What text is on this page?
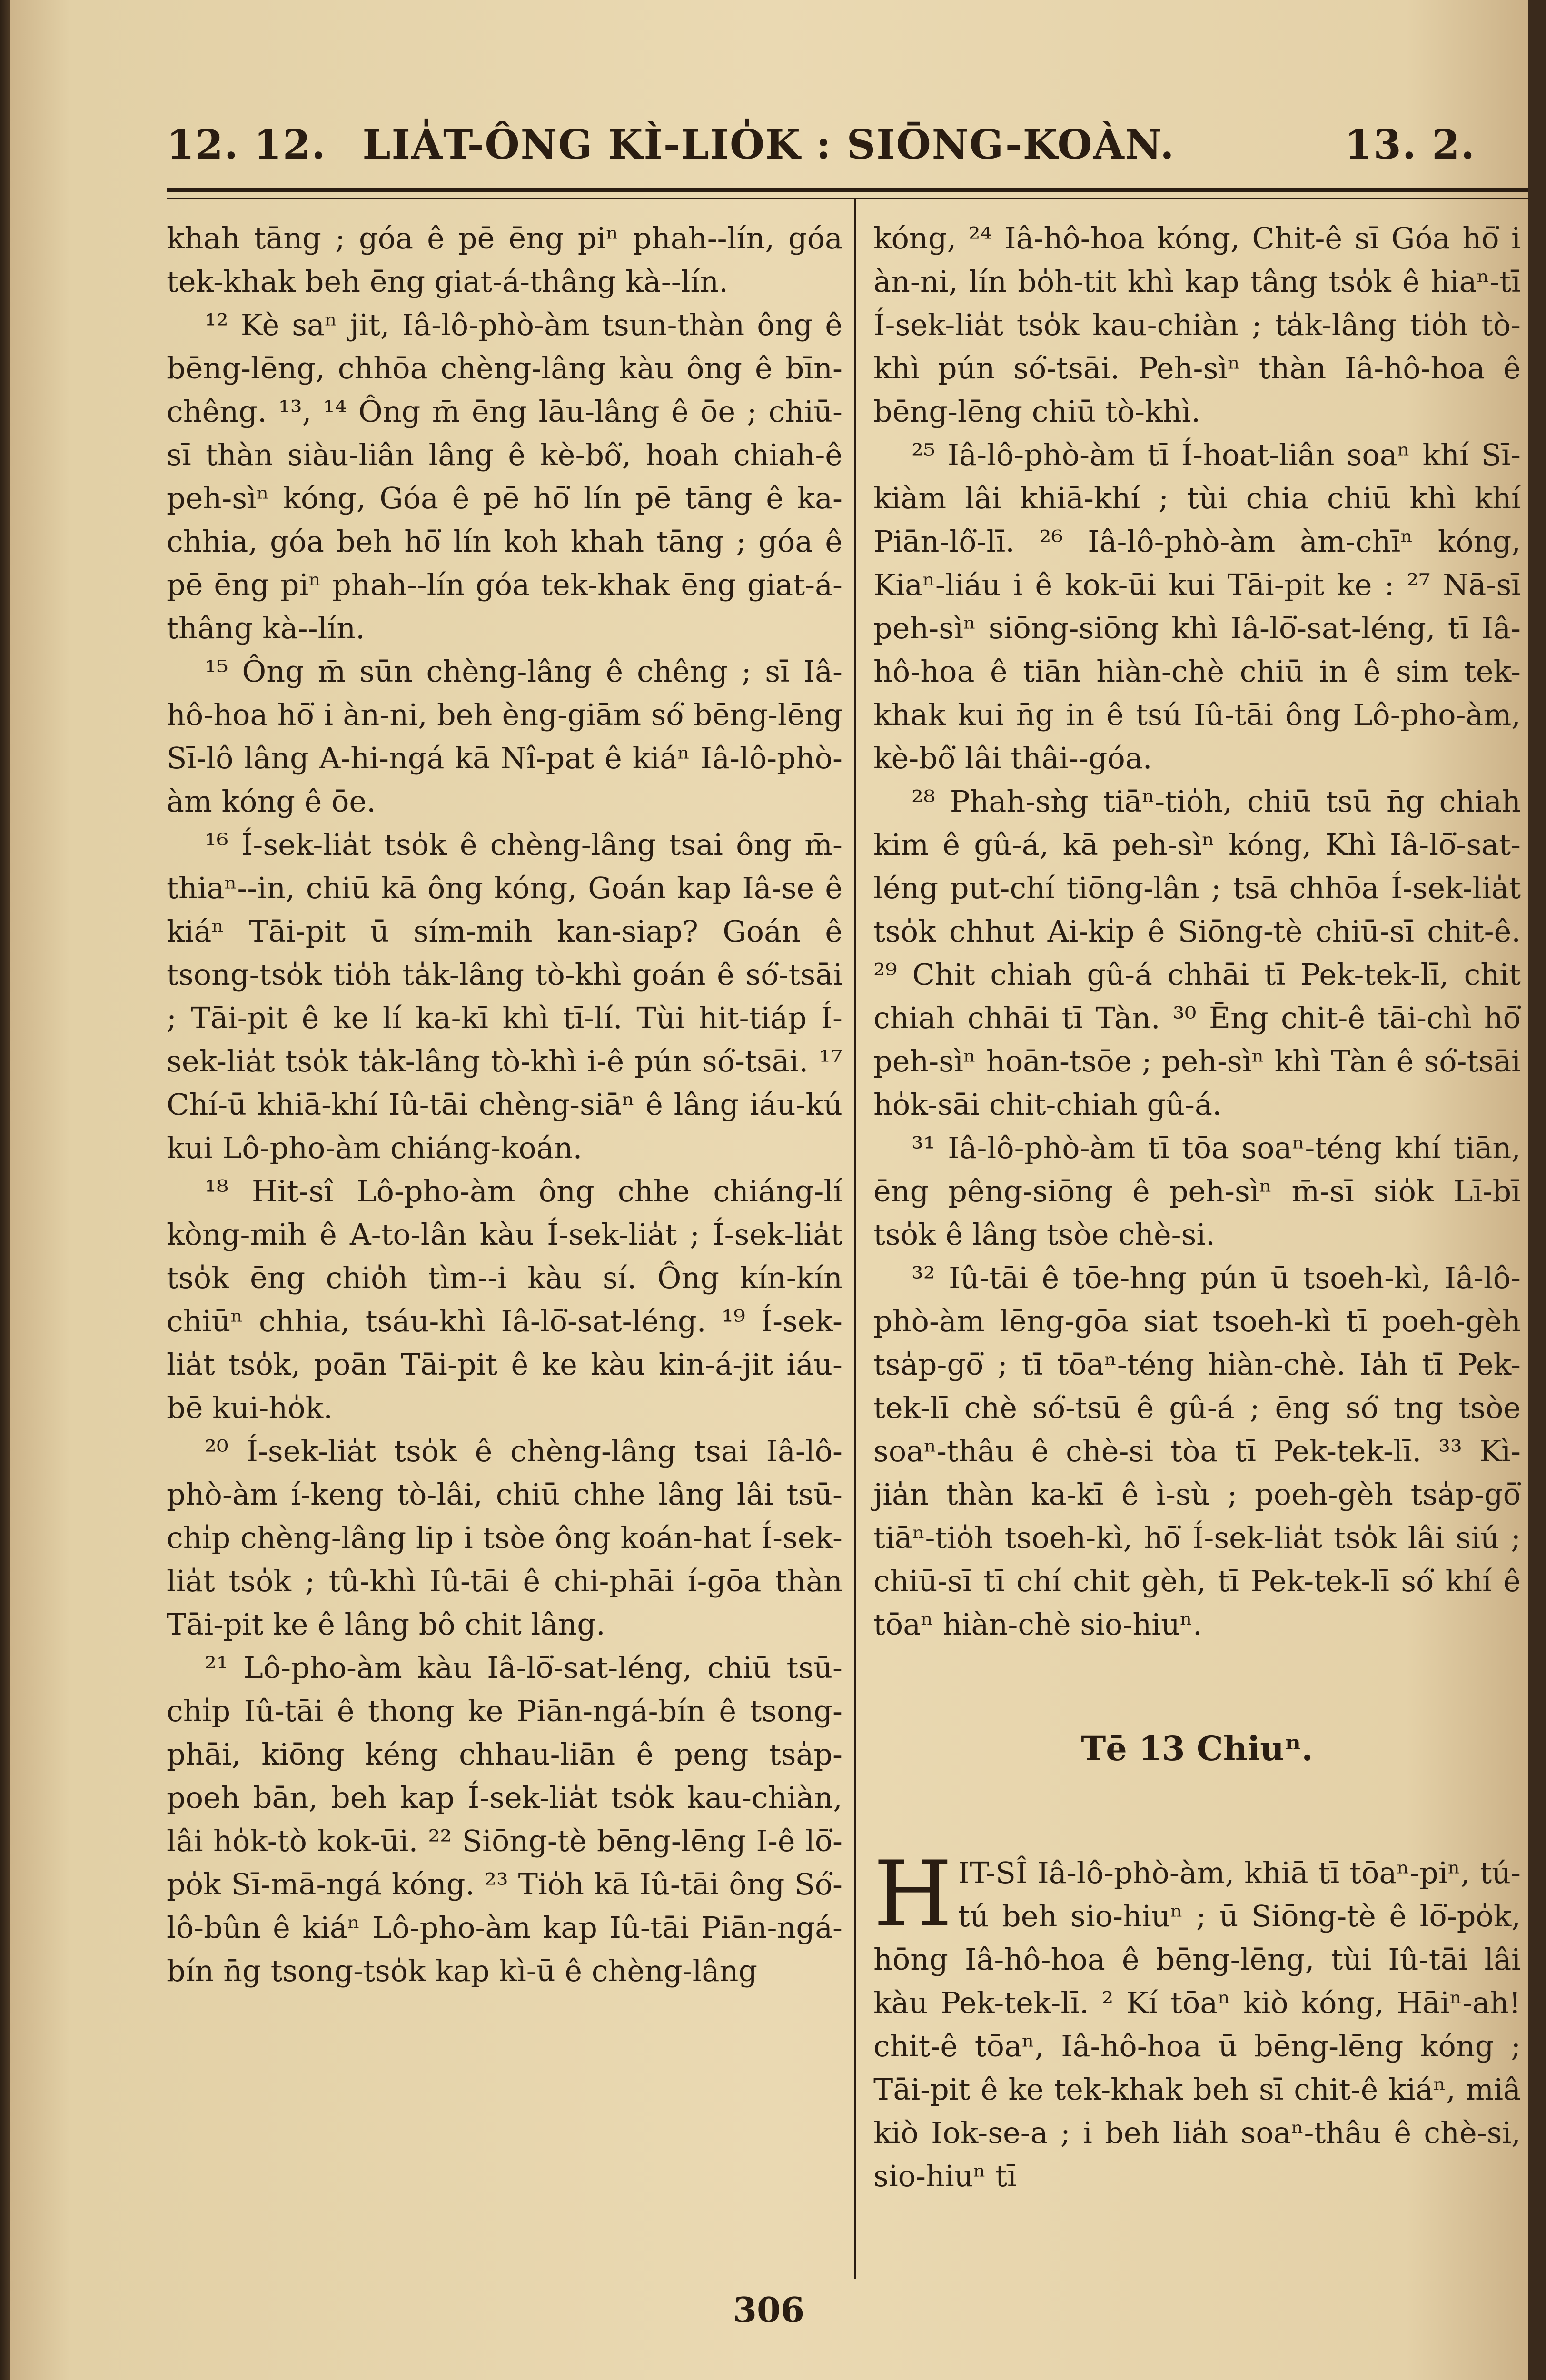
12. 12. LIA̍T-ÔNG KÌ-LIO̍K : SIŌNG-KOÀN.	13. 2.

khah tāng ; góa ê pē ēng piⁿ phah--lín, góa tek-khak beh ēng giat-á-thâng kà--lín.

¹² Kè saⁿ jit, Iâ-lô-phò-àm tsun-thàn ông ê bēng-lēng, chhōa chèng-lâng kàu ông ê bīn-chêng. ¹³, ¹⁴ Ông m̄ ēng lāu-lâng ê ōe ; chiū-sī thàn siàu-liân lâng ê kè-bô͘, hoah chiah-ê peh-sìⁿ kóng, Góa ê pē hō͘ lín pē tāng ê ka-chhia, góa beh hō͘ lín koh khah tāng ; góa ê pē ēng piⁿ phah--lín góa tek-khak ēng giat-á-thâng kà--lín.

¹⁵ Ông m̄ sūn chèng-lâng ê chêng ; sī Iâ-hô-hoa hō͘ i àn-ni, beh èng-giām só͘ bēng-lēng Sī-lô lâng A-hi-ngá kā Nî-pat ê kiáⁿ Iâ-lô-phò-àm kóng ê ōe.

¹⁶ Í-sek-lia̍t tso̍k ê chèng-lâng tsai ông m̄-thiaⁿ--in, chiū kā ông kóng, Goán kap Iâ-se ê kiáⁿ Tāi-pit ū sím-mih kan-siap? Goán ê tsong-tso̍k tio̍h ta̍k-lâng tò-khì goán ê só͘-tsāi ; Tāi-pit ê ke lí ka-kī khì tī-lí. Tùi hit-tiáp Í-sek-lia̍t tso̍k ta̍k-lâng tò-khì i-ê pún só͘-tsāi. ¹⁷ Chí-ū khiā-khí Iû-tāi chèng-siāⁿ ê lâng iáu-kú kui Lô-pho-àm chiáng-koán.

¹⁸ Hit-sî Lô-pho-àm ông chhe chiáng-lí kòng-mih ê A-to-lân kàu Í-sek-lia̍t ; Í-sek-lia̍t tso̍k ēng chio̍h tìm--i kàu sí. Ông kín-kín chiūⁿ chhia, tsáu-khì Iâ-lō͘-sat-léng. ¹⁹ Í-sek-lia̍t tso̍k, poān Tāi-pit ê ke kàu kin-á-jit iáu-bē kui-ho̍k.

²⁰ Í-sek-lia̍t tso̍k ê chèng-lâng tsai Iâ-lô-phò-àm í-keng tò-lâi, chiū chhe lâng lâi tsū-chi̍p chèng-lâng lip i tsòe ông koán-hat Í-sek-lia̍t tso̍k ; tû-khì Iû-tāi ê chi-phāi í-gōa thàn Tāi-pit ke ê lâng bô chit lâng.

²¹ Lô-pho-àm kàu Iâ-lō͘-sat-léng, chiū tsū-chi̍p Iû-tāi ê thong ke Piān-ngá-bín ê tsong-phāi, kiōng kéng chhau-liān ê peng tsa̍p-poeh bān, beh kap Í-sek-lia̍t tso̍k kau-chiàn, lâi ho̍k-tò kok-ūi. ²² Siōng-tè bēng-lēng I-ê lō͘-po̍k Sī-mā-ngá kóng. ²³ Tio̍h kā Iû-tāi ông Só͘-lô-bûn ê kiáⁿ Lô-pho-àm kap Iû-tāi Piān-ngá-bín n̄g tsong-tso̍k kap kì-ū ê chèng-lâng

kóng, ²⁴ Iâ-hô-hoa kóng, Chit-ê sī Góa hō͘ i àn-ni, lín bo̍h-tit khì kap tâng tso̍k ê hiaⁿ-tī Í-sek-lia̍t tso̍k kau-chiàn ; ta̍k-lâng tio̍h tò-khì pún só͘-tsāi. Peh-sìⁿ thàn Iâ-hô-hoa ê bēng-lēng chiū tò-khì.

²⁵ Iâ-lô-phò-àm tī Í-hoat-liân soaⁿ khí Sī-kiàm lâi khiā-khí ; tùi chia chiū khì khí Piān-lô͘-lī. ²⁶ Iâ-lô-phò-àm àm-chīⁿ kóng, Kiaⁿ-liáu i ê kok-ūi kui Tāi-pit ke : ²⁷ Nā-sī peh-sìⁿ siōng-siōng khì Iâ-lō͘-sat-léng, tī Iâ-hô-hoa ê tiān hiàn-chè chiū in ê sim tek-khak kui n̄g in ê tsú Iû-tāi ông Lô-pho-àm, kè-bô͘ lâi thâi--góa.

²⁸ Phah-sǹg tiāⁿ-tio̍h, chiū tsū n̄g chiah kim ê gû-á, kā peh-sìⁿ kóng, Khì Iâ-lō͘-sat-léng put-chí tiōng-lân ; tsā chhōa Í-sek-lia̍t tso̍k chhut Ai-ki̍p ê Siōng-tè chiū-sī chit-ê. ²⁹ Chit chiah gû-á chhāi tī Pek-tek-lī, chit chiah chhāi tī Tàn. ³⁰ Ēng chit-ê tāi-chì hō͘ peh-sìⁿ hoān-tsōe ; peh-sìⁿ khì Tàn ê só͘-tsāi ho̍k-sāi chit-chiah gû-á.

³¹ Iâ-lô-phò-àm tī tōa soaⁿ-téng khí tiān, ēng pêng-siōng ê peh-sìⁿ m̄-sī sio̍k Lī-bī tso̍k ê lâng tsòe chè-si.

³² Iû-tāi ê tōe-hng pún ū tsoeh-kì, Iâ-lô-phò-àm lēng-gōa siat tsoeh-kì tī poeh-gèh tsa̍p-gō͘ ; tī tōaⁿ-téng hiàn-chè. Ia̍h tī Pek-tek-lī chè só͘-tsū ê gû-á ; ēng só͘ tng tsòe soaⁿ-thâu ê chè-si tòa tī Pek-tek-lī. ³³ Kì-jia̍n thàn ka-kī ê ì-sù ; poeh-gèh tsa̍p-gō͘ tiāⁿ-tio̍h tsoeh-kì, hō͘ Í-sek-lia̍t tso̍k lâi siú ; chiū-sī tī chí chit gèh, tī Pek-tek-lī só͘ khí ê tōaⁿ hiàn-chè sio-hiuⁿ.

Tē 13 Chiuⁿ.

HIT-SÎ Iâ-lô-phò-àm, khiā tī tōaⁿ-piⁿ, tú-tú beh sio-hiuⁿ ; ū Siōng-tè ê lō͘-po̍k, hōng Iâ-hô-hoa ê bēng-lēng, tùi Iû-tāi lâi kàu Pek-tek-lī. ² Kí tōaⁿ kiò kóng, Hāiⁿ-ah! chit-ê tōaⁿ, Iâ-hô-hoa ū bēng-lēng kóng ; Tāi-pit ê ke tek-khak beh sī chit-ê kiáⁿ, miâ kiò Iok-se-a ; i beh lia̍h soaⁿ-thâu ê chè-si, sio-hiuⁿ tī

306
